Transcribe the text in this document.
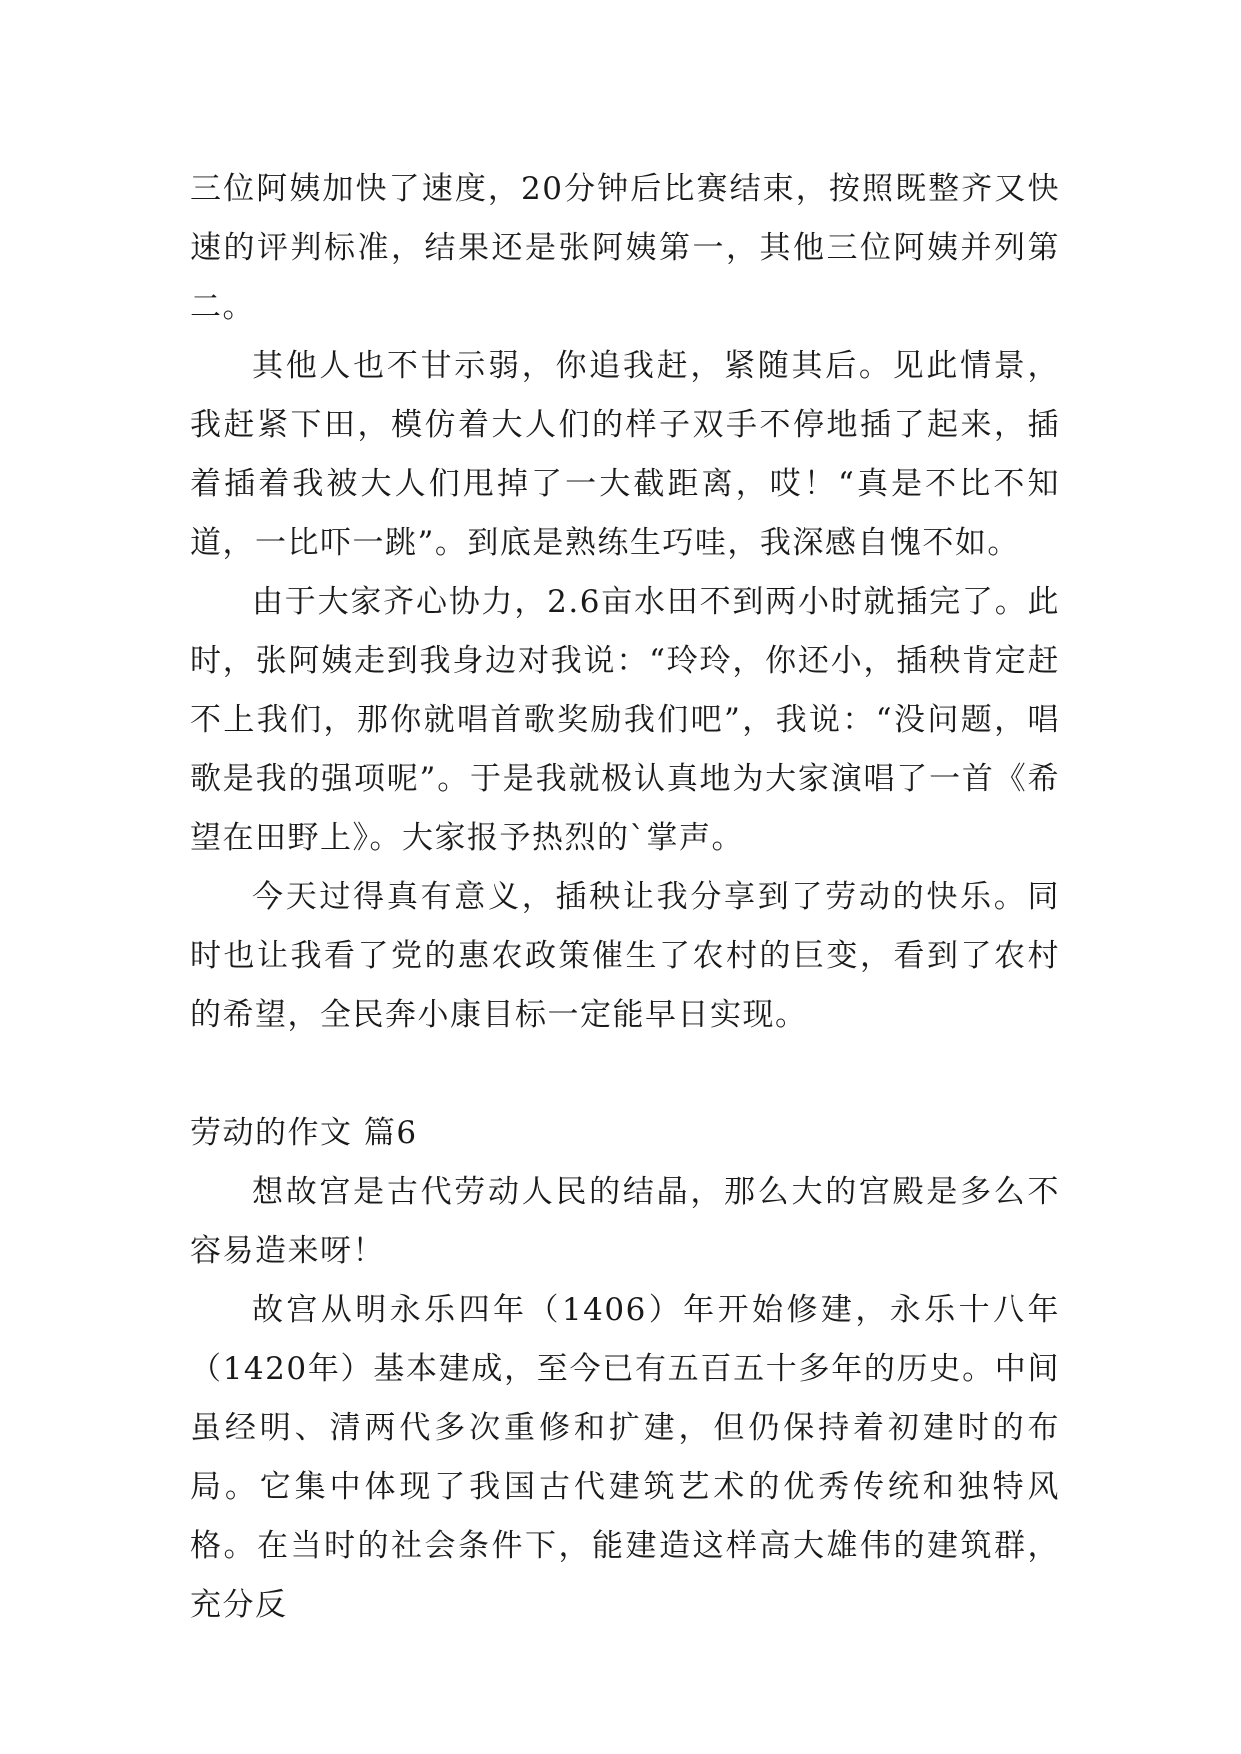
三位阿姨加快了速度，20分钟后比赛结束，按照既整齐又快速的评判标准，结果还是张阿姨第一，其他三位阿姨并列第二。

其他人也不甘示弱，你追我赶，紧随其后。见此情景，我赶紧下田，模仿着大人们的样子双手不停地插了起来，插着插着我被大人们甩掉了一大截距离，哎！“真是不比不知道，一比吓一跳”。到底是熟练生巧哇，我深感自愧不如。

由于大家齐心协力，2.6亩水田不到两小时就插完了。此时，张阿姨走到我身边对我说：“玲玲，你还小，插秧肯定赶不上我们，那你就唱首歌奖励我们吧”，我说：“没问题，唱歌是我的强项呢”。于是我就极认真地为大家演唱了一首《希望在田野上》。大家报予热烈的`掌声。

今天过得真有意义，插秧让我分享到了劳动的快乐。同时也让我看了党的惠农政策催生了农村的巨变，看到了农村的希望，全民奔小康目标一定能早日实现。

劳动的作文 篇6

想故宫是古代劳动人民的结晶，那么大的宫殿是多么不容易造来呀！

故宫从明永乐四年（1406）年开始修建，永乐十八年（1420年）基本建成，至今已有五百五十多年的历史。中间虽经明、清两代多次重修和扩建，但仍保持着初建时的布局。它集中体现了我国古代建筑艺术的优秀传统和独特风格。在当时的社会条件下，能建造这样高大雄伟的建筑群，充分反
